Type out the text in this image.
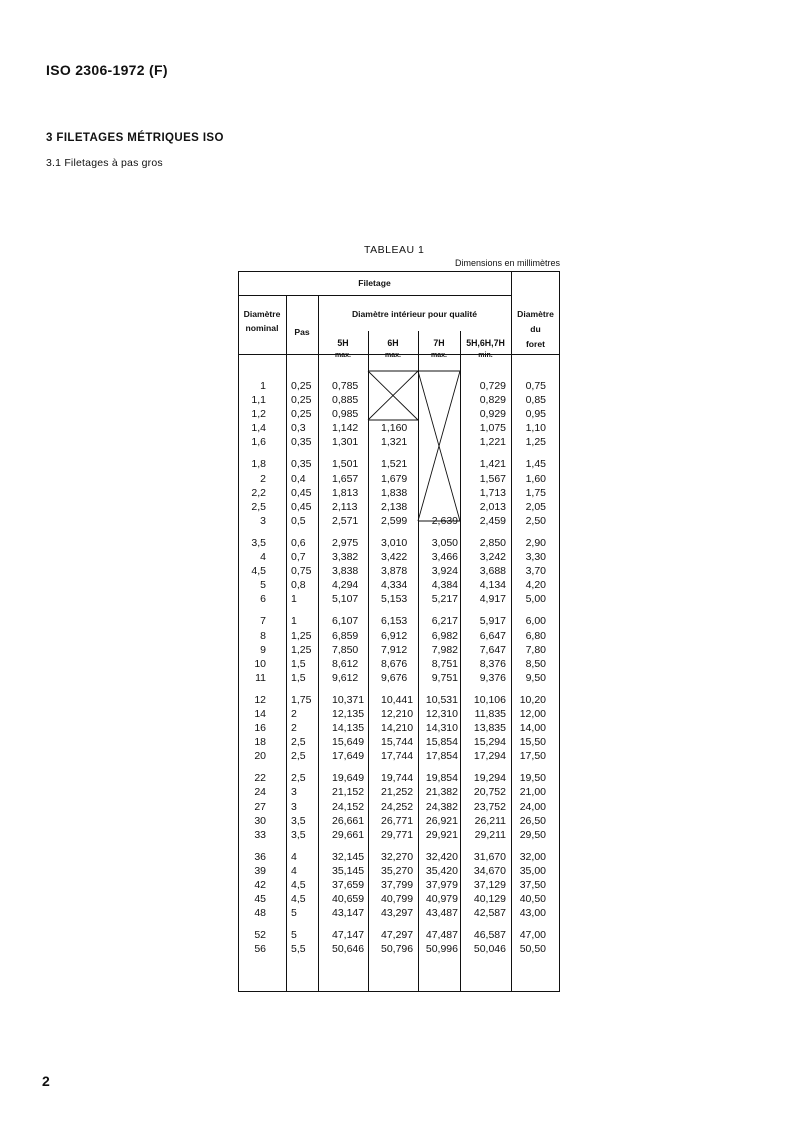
ISO 2306-1972 (F)
3 FILETAGES MÉTRIQUES ISO
3.1 Filetages à pas gros
TABLEAU 1
Dimensions en millimètres
Filetage
Diamètre
nominal	Pas
Diamètre intérieur pour qualité	Diamètre
du
foret
5H
max.
6H
max.
7H
max.
5H,6H,7H
min.
1
1,1
1,2
1,4
1,6
1,8
2
2,2
2,5
3
3,5
4
4,5
5
6
7
8
9
10
11
12
14
16
18
20
22
24
27
30
33
36
39
42
45
48
52
56
0,25
0,25
0,25
0,3
0,35
0,35
0,4
0,45
0,45
0,5
0,6
0,7
0,75
0,8
1
1
1,25
1,25
1,5
1,5
1,75
2
2
2,5
2,5
2,5
3
3
3,5
3,5
4
4
4,5
4,5
5
5
5,5
0,785
0,885
0,985
1,142
1,301
1,501
1,657
1,813
2,113
2,571
2,975
3,382
3,838
4,294
5,107
6,107
6,859
7,850
8,612
9,612
10,371
12,135
14,135
15,649
17,649
19,649
21,152
24,152
26,661
29,661
32,145
35,145
37,659
40,659
43,147
47,147
50,646
1,160
1,321
1,521
1,679
1,838
2,138
2,599
3,010
3,422
3,878
4,334
5,153
6,153
6,912
7,912
8,676
9,676
10,441
12,210
14,210
15,744
17,744
19,744
21,252
24,252
26,771
29,771
32,270
35,270
37,799
40,799
43,297
47,297
50,796
2,639
3,050
3,466
3,924
4,384
5,217
6,217
6,982
7,982
8,751
9,751
10,531
12,310
14,310
15,854
17,854
19,854
21,382
24,382
26,921
29,921
32,420
35,420
37,979
40,979
43,487
47,487
50,996
0,729
0,829
0,929
1,075
1,221
1,421
1,567
1,713
2,013
2,459
2,850
3,242
3,688
4,134
4,917
5,917
6,647
7,647
8,376
9,376
10,106
11,835
13,835
15,294
17,294
19,294
20,752
23,752
26,211
29,211
31,670
34,670
37,129
40,129
42,587
46,587
50,046
0,75
0,85
0,95
1,10
1,25
1,45
1,60
1,75
2,05
2,50
2,90
3,30
3,70
4,20
5,00
6,00
6,80
7,80
8,50
9,50
10,20
12,00
14,00
15,50
17,50
19,50
21,00
24,00
26,50
29,50
32,00
35,00
37,50
40,50
43,00
47,00
50,50
2
